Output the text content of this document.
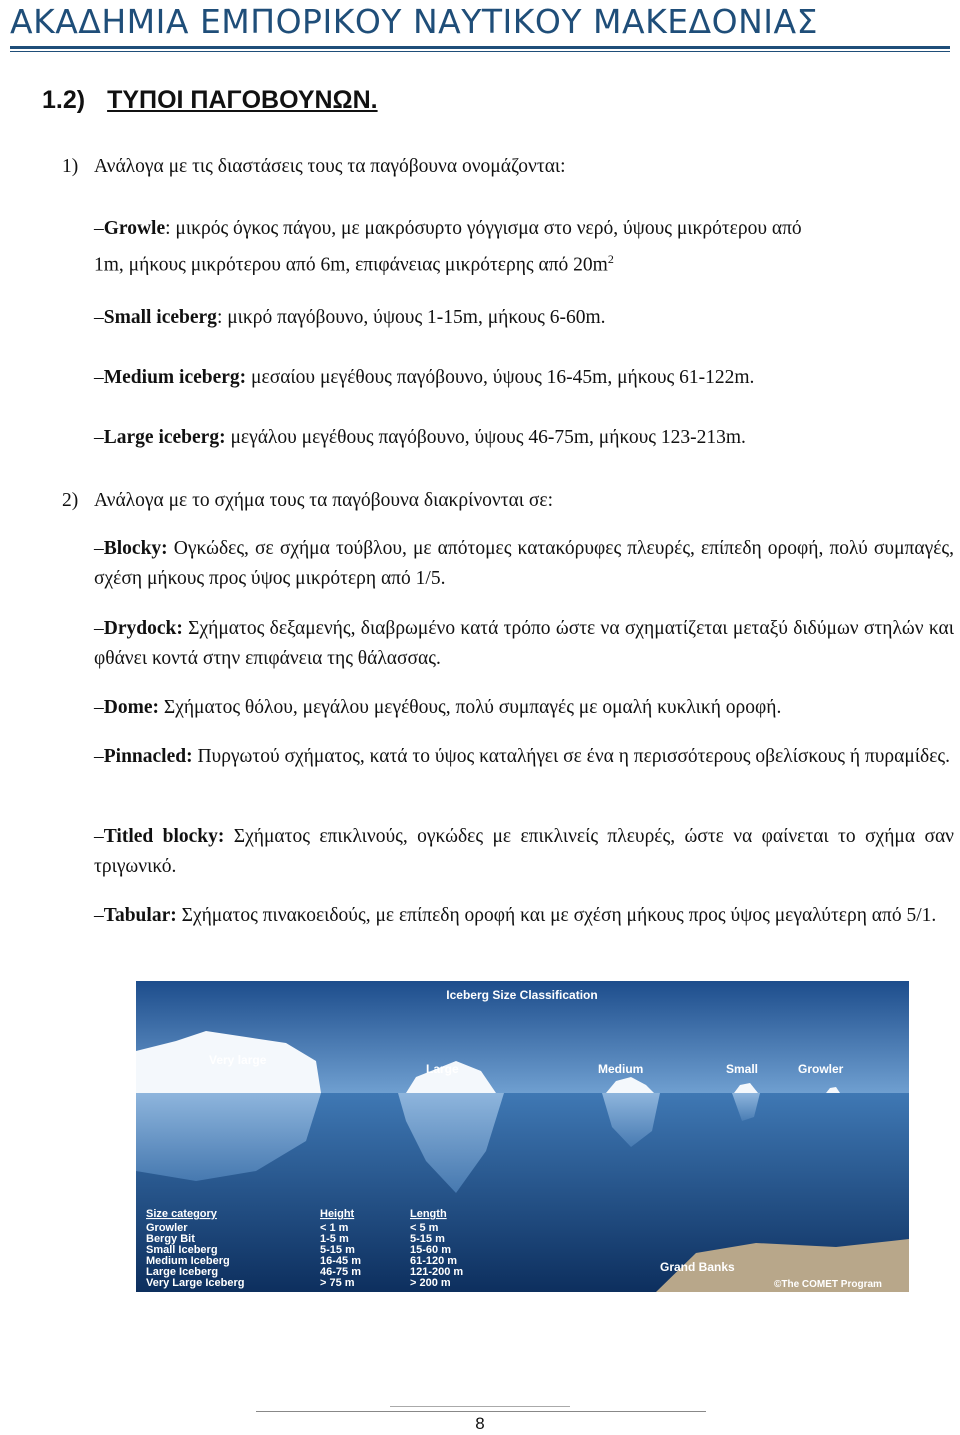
ΑΚΑΔΗΜΙΑ ΕΜΠΟΡΙΚΟΥ ΝΑΥΤΙΚΟΥ ΜΑΚΕΔΟΝΙΑΣ
1.2) ΤΥΠΟΙ ΠΑΓΟΒΟΥΝΩΝ.
1) Ανάλογα με τις διαστάσεις τους τα παγόβουνα ονομάζονται:
–Growle: μικρός όγκος πάγου, με μακρόσυρτο γόγγισμα στο νερό, ύψους μικρότερου από
1m, μήκους μικρότερου από 6m, επιφάνειας μικρότερης από $20m^2$
–Small iceberg: μικρό παγόβουνο, ύψους 1-15m, μήκους 6-60m.
–Medium iceberg: μεσαίου μεγέθους παγόβουνο, ύψους 16-45m, μήκους 61-122m.
–Large iceberg: μεγάλου μεγέθους παγόβουνο, ύψους 46-75m, μήκους 123-213m.
2) Ανάλογα με το σχήμα τους τα παγόβουνα διακρίνονται σε:
–Blocky: Ογκώδες, σε σχήμα τούβλου, με απότομες κατακόρυφες πλευρές, επίπεδη οροφή, πολύ συμπαγές, σχέση μήκους προς ύψος μικρότερη από 1/5.
–Drydock: Σχήματος δεξαμενής, διαβρωμένο κατά τρόπο ώστε να σχηματίζεται μεταξύ διδύμων στηλών και φθάνει κοντά στην επιφάνεια της θάλασσας.
–Dome: Σχήματος θόλου, μεγάλου μεγέθους, πολύ συμπαγές με ομαλή κυκλική οροφή.
–Pinnacled: Πυργωτού σχήματος, κατά το ύψος καταλήγει σε ένα η περισσότερους οβελίσκους ή πυραμίδες.
–Titled blocky: Σχήματος επικλινούς, ογκώδες με επικλινείς πλευρές, ώστε να φαίνεται το σχήμα σαν τριγωνικό.
–Tabular: Σχήματος πινακοειδούς, με επίπεδη οροφή και με σχέση μήκους προς ύψος μεγαλύτερη από 5/1.
Iceberg Size Classification
Very large
Large	Medium	Small	Growler
Size category	Height	Length
Growler	< 1 m	< 5 m
Bergy Bit	1-5 m	5-15 m
Small Iceberg	5-15 m	15-60 m
Medium Iceberg	16-45 m	61-120 m
Large Iceberg	46-75 m	121-200 m
Very Large Iceberg	> 75 m	> 200 m
Grand Banks
©The COMET Program
8
